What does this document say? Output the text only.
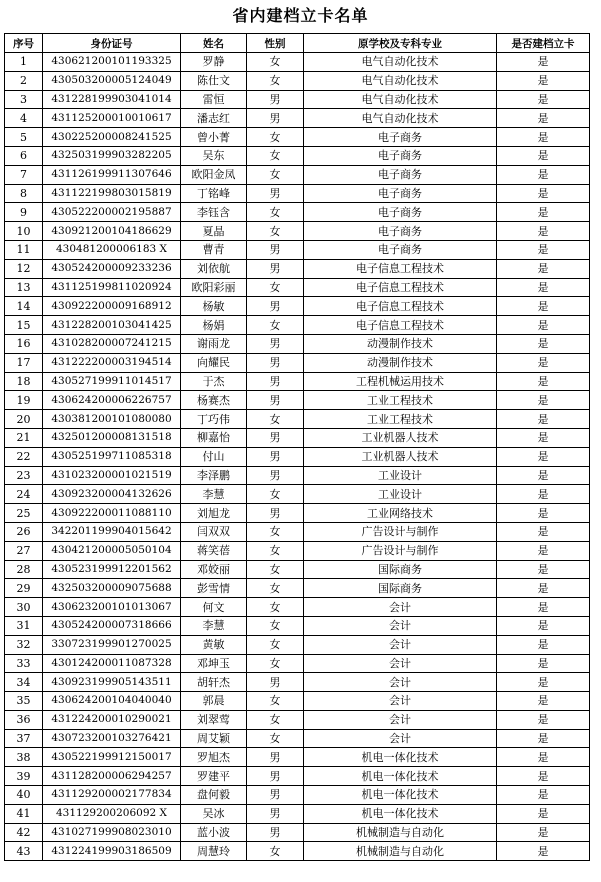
省内建档立卡名单
序号	身份证号	姓名	性别	原学校及专科专业	是否建档立卡
1	430621200101193325	罗静	女	电气自动化技术	是
2	430503200005124049	陈仕文	女	电气自动化技术	是
3	431228199903041014	雷恒	男	电气自动化技术	是
4	431125200010010617	潘志红	男	电气自动化技术	是
5	430225200008241525	曾小菁	女	电子商务	是
6	432503199903282205	吴东	女	电子商务	是
7	431126199911307646	欧阳金凤	女	电子商务	是
8	431122199803015819	丁铭峰	男	电子商务	是
9	430522200002195887	李钰含	女	电子商务	是
10	430921200104186629	夏晶	女	电子商务	是
11	430481200006183 X	曹青	男	电子商务	是
12	430524200009233236	刘依航	男	电子信息工程技术	是
13	431125199811020924	欧阳彩丽	女	电子信息工程技术	是
14	430922200009168912	杨敏	男	电子信息工程技术	是
15	431228200103041425	杨娟	女	电子信息工程技术	是
16	431028200007241215	谢雨龙	男	动漫制作技术	是
17	431222200003194514	向耀民	男	动漫制作技术	是
18	430527199911014517	于杰	男	工程机械运用技术	是
19	430624200006226757	杨赛杰	男	工业工程技术	是
20	430381200101080080	丁巧伟	女	工业工程技术	是
21	432501200008131518	柳嘉怡	男	工业机器人技术	是
22	430525199711085318	付山	男	工业机器人技术	是
23	431023200001021519	李泽鹏	男	工业设计	是
24	430923200004132626	李慧	女	工业设计	是
25	430922200011088110	刘旭龙	男	工业网络技术	是
26	342201199904015642	闫双双	女	广告设计与制作	是
27	430421200005050104	蒋笑蓓	女	广告设计与制作	是
28	430523199912201562	邓姣丽	女	国际商务	是
29	432503200009075688	彭雪情	女	国际商务	是
30	430623200101013067	何文	女	会计	是
31	430524200007318666	李慧	女	会计	是
32	330723199901270025	黄敏	女	会计	是
33	430124200011087328	邓坤玉	女	会计	是
34	430923199905143511	胡轩杰	男	会计	是
35	430624200104040040	郭晨	女	会计	是
36	431224200010290021	刘翠莺	女	会计	是
37	430723200103276421	周艾颖	女	会计	是
38	430522199912150017	罗旭杰	男	机电一体化技术	是
39	431128200006294257	罗建平	男	机电一体化技术	是
40	431129200002177834	盘何毅	男	机电一体化技术	是
41	431129200206092 X	吴冰	男	机电一体化技术	是
42	431027199908023010	蓝小波	男	机械制造与自动化	是
43	431224199903186509	周慧玲	女	机械制造与自动化	是
